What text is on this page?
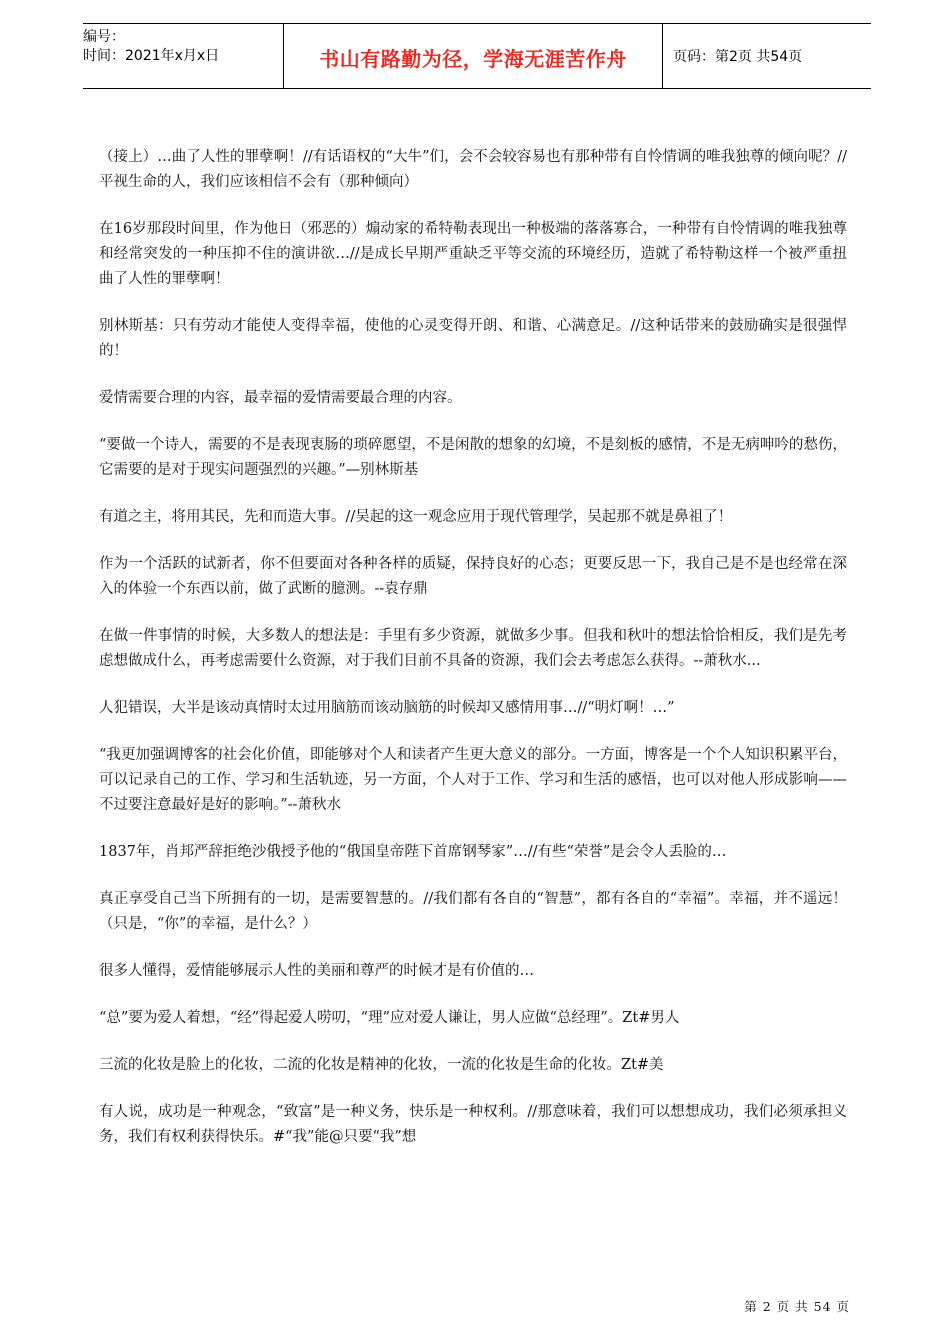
编号：
时间：2021年x月x日	书山有路勤为径，学海无涯苦作舟	页码：第2页 共54页

（接上）…曲了人性的罪孽啊！//有话语权的“大牛”们，会不会较容易也有那种带有自怜情调的唯我独尊的倾向呢？//平视生命的人，我们应该相信不会有（那种倾向）

在16岁那段时间里，作为他日（邪恶的）煽动家的希特勒表现出一种极端的落落寡合，一种带有自怜情调的唯我独尊和经常突发的一种压抑不住的演讲欲…//是成长早期严重缺乏平等交流的环境经历，造就了希特勒这样一个被严重扭曲了人性的罪孽啊！

别林斯基：只有劳动才能使人变得幸福，使他的心灵变得开朗、和谐、心满意足。//这种话带来的鼓励确实是很强悍的！

爱情需要合理的内容，最幸福的爱情需要最合理的内容。

“要做一个诗人，需要的不是表现衷肠的琐碎愿望，不是闲散的想象的幻境，不是刻板的感情，不是无病呻吟的愁伤，它需要的是对于现实问题强烈的兴趣。”—别林斯基

有道之主，将用其民，先和而造大事。//吴起的这一观念应用于现代管理学，吴起那不就是鼻祖了！

作为一个活跃的试新者，你不但要面对各种各样的质疑，保持良好的心态；更要反思一下，我自己是不是也经常在深入的体验一个东西以前，做了武断的臆测。--袁存鼎

在做一件事情的时候，大多数人的想法是：手里有多少资源，就做多少事。但我和秋叶的想法恰恰相反，我们是先考虑想做成什么，再考虑需要什么资源，对于我们目前不具备的资源，我们会去考虑怎么获得。--萧秋水...

人犯错误，大半是该动真情时太过用脑筋而该动脑筋的时候却又感情用事…//“明灯啊！…”

“我更加强调博客的社会化价值，即能够对个人和读者产生更大意义的部分。一方面，博客是一个个人知识积累平台，可以记录自己的工作、学习和生活轨迹，另一方面，个人对于工作、学习和生活的感悟，也可以对他人形成影响——不过要注意最好是好的影响。”--萧秋水

1837年，肖邦严辞拒绝沙俄授予他的“俄国皇帝陛下首席钢琴家”…//有些“荣誉”是会令人丢脸的…

真正享受自己当下所拥有的一切，是需要智慧的。//我们都有各自的“智慧”，都有各自的“幸福”。幸福，并不遥远！（只是，“你”的幸福，是什么？）

很多人懂得，爱情能够展示人性的美丽和尊严的时候才是有价值的…

“总”要为爱人着想，“经”得起爱人唠叨，“理”应对爱人谦让，男人应做“总经理”。Zt#男人

三流的化妆是脸上的化妆，二流的化妆是精神的化妆，一流的化妆是生命的化妆。Zt#美

有人说，成功是一种观念，“致富”是一种义务，快乐是一种权利。//那意味着，我们可以想想成功，我们必须承担义务，我们有权利获得快乐。#“我”能@只要“我”想

第 2 页 共 54 页
